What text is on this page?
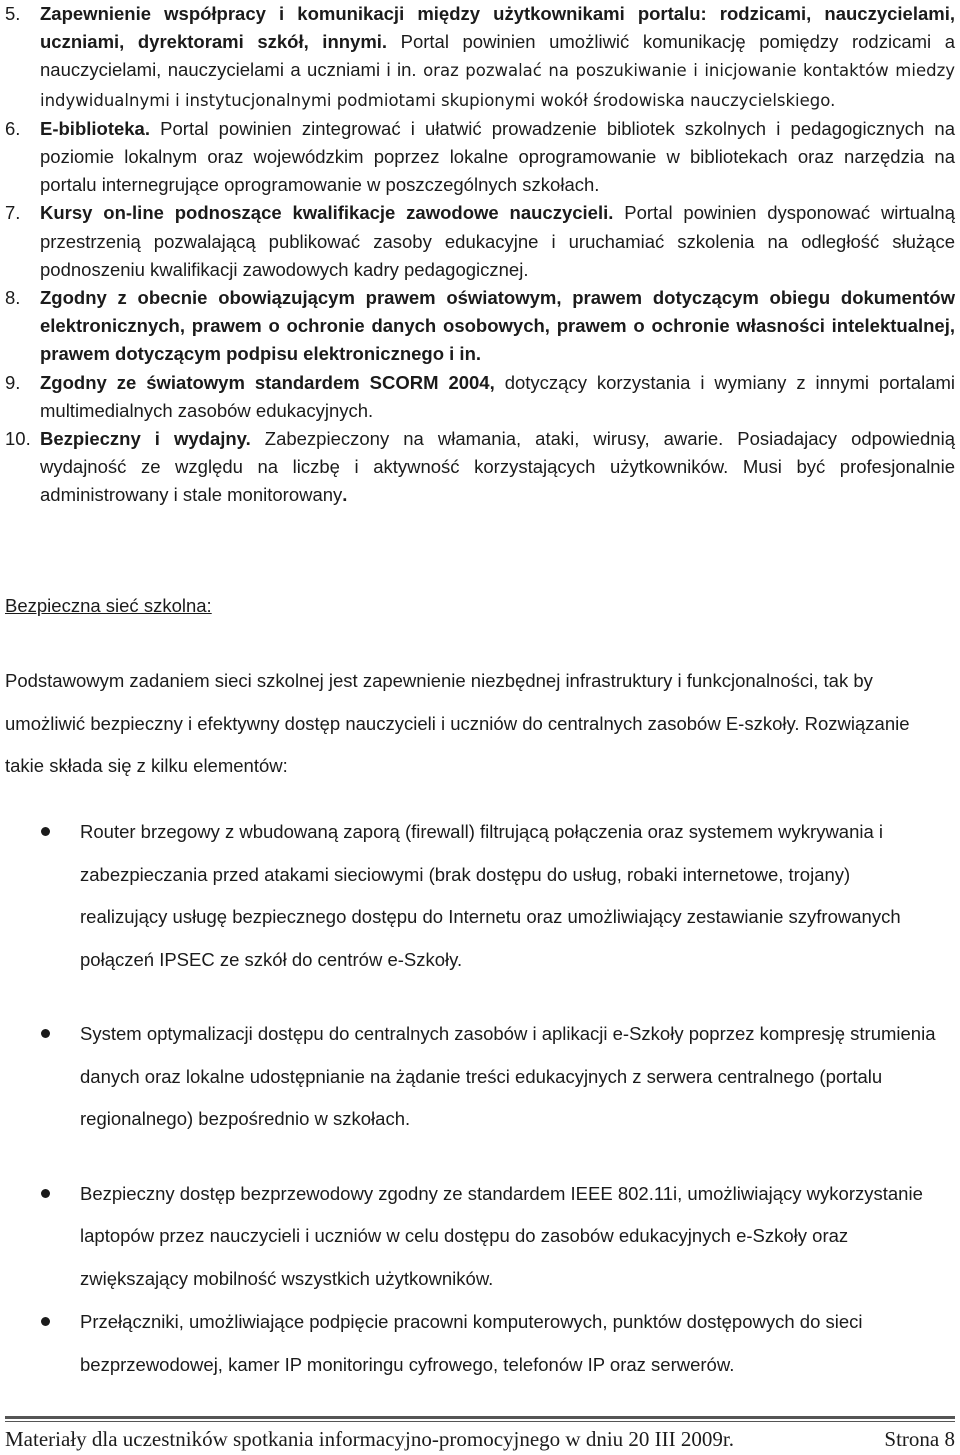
5.	Zapewnienie współpracy i komunikacji między użytkownikami portalu: rodzicami, nauczycielami, uczniami, dyrektorami szkół, innymi. Portal powinien umożliwić komunikację pomiędzy rodzicami a nauczycielami, nauczycielami a uczniami i in. oraz pozwalać na poszukiwanie i inicjowanie kontaktów miedzy indywidualnymi i instytucjonalnymi podmiotami skupionymi wokół środowiska nauczycielskiego.
6.	E-biblioteka. Portal powinien zintegrować i ułatwić prowadzenie bibliotek szkolnych i pedagogicznych na poziomie lokalnym oraz wojewódzkim poprzez lokalne oprogramowanie w bibliotekach oraz narzędzia na portalu internegrujące oprogramowanie w poszczególnych szkołach.
7.	Kursy on-line podnoszące kwalifikacje zawodowe nauczycieli. Portal powinien dysponować wirtualną przestrzenią pozwalającą publikować zasoby edukacyjne i uruchamiać szkolenia na odległość służące podnoszeniu kwalifikacji zawodowych kadry pedagogicznej.
8.	Zgodny z obecnie obowiązującym prawem oświatowym, prawem dotyczącym obiegu dokumentów elektronicznych, prawem o ochronie danych osobowych, prawem o ochronie własności intelektualnej, prawem dotyczącym podpisu elektronicznego i in.
9.	Zgodny ze światowym standardem SCORM 2004, dotyczący korzystania i wymiany z innymi portalami multimedialnych zasobów edukacyjnych.
10. Bezpieczny i wydajny. Zabezpieczony na włamania, ataki, wirusy, awarie. Posiadajacy odpowiednią wydajność ze względu na liczbę i aktywność korzystających użytkowników. Musi być profesjonalnie administrowany i stale monitorowany.
Bezpieczna sieć szkolna:

Podstawowym zadaniem sieci szkolnej jest zapewnienie niezbędnej infrastruktury i funkcjonalności, tak by umożliwić bezpieczny i efektywny dostęp nauczycieli i uczniów do centralnych zasobów E-szkoły. Rozwiązanie takie składa się z kilku elementów:

Router brzegowy z wbudowaną zaporą (firewall) filtrującą połączenia oraz systemem wykrywania i zabezpieczania przed atakami sieciowymi (brak dostępu do usług, robaki internetowe, trojany) realizujący usługę bezpiecznego dostępu do Internetu oraz umożliwiający zestawianie szyfrowanych połączeń IPSEC ze szkół do centrów e-Szkoły.
System optymalizacji dostępu do centralnych zasobów i aplikacji e-Szkoły poprzez kompresję strumienia danych oraz lokalne udostępnianie na żądanie treści edukacyjnych z serwera centralnego (portalu regionalnego) bezpośrednio w szkołach.
Bezpieczny dostęp bezprzewodowy zgodny ze standardem IEEE 802.11i, umożliwiający wykorzystanie laptopów przez nauczycieli i uczniów w celu dostępu do zasobów edukacyjnych e-Szkoły oraz zwiększający mobilność wszystkich użytkowników.
Przełączniki, umożliwiające podpięcie pracowni komputerowych, punktów dostępowych do sieci bezprzewodowej, kamer IP monitoringu cyfrowego, telefonów IP oraz serwerów.
Materiały dla uczestników spotkania informacyjno-promocyjnego w dniu 20 III 2009r.	Strona 8
